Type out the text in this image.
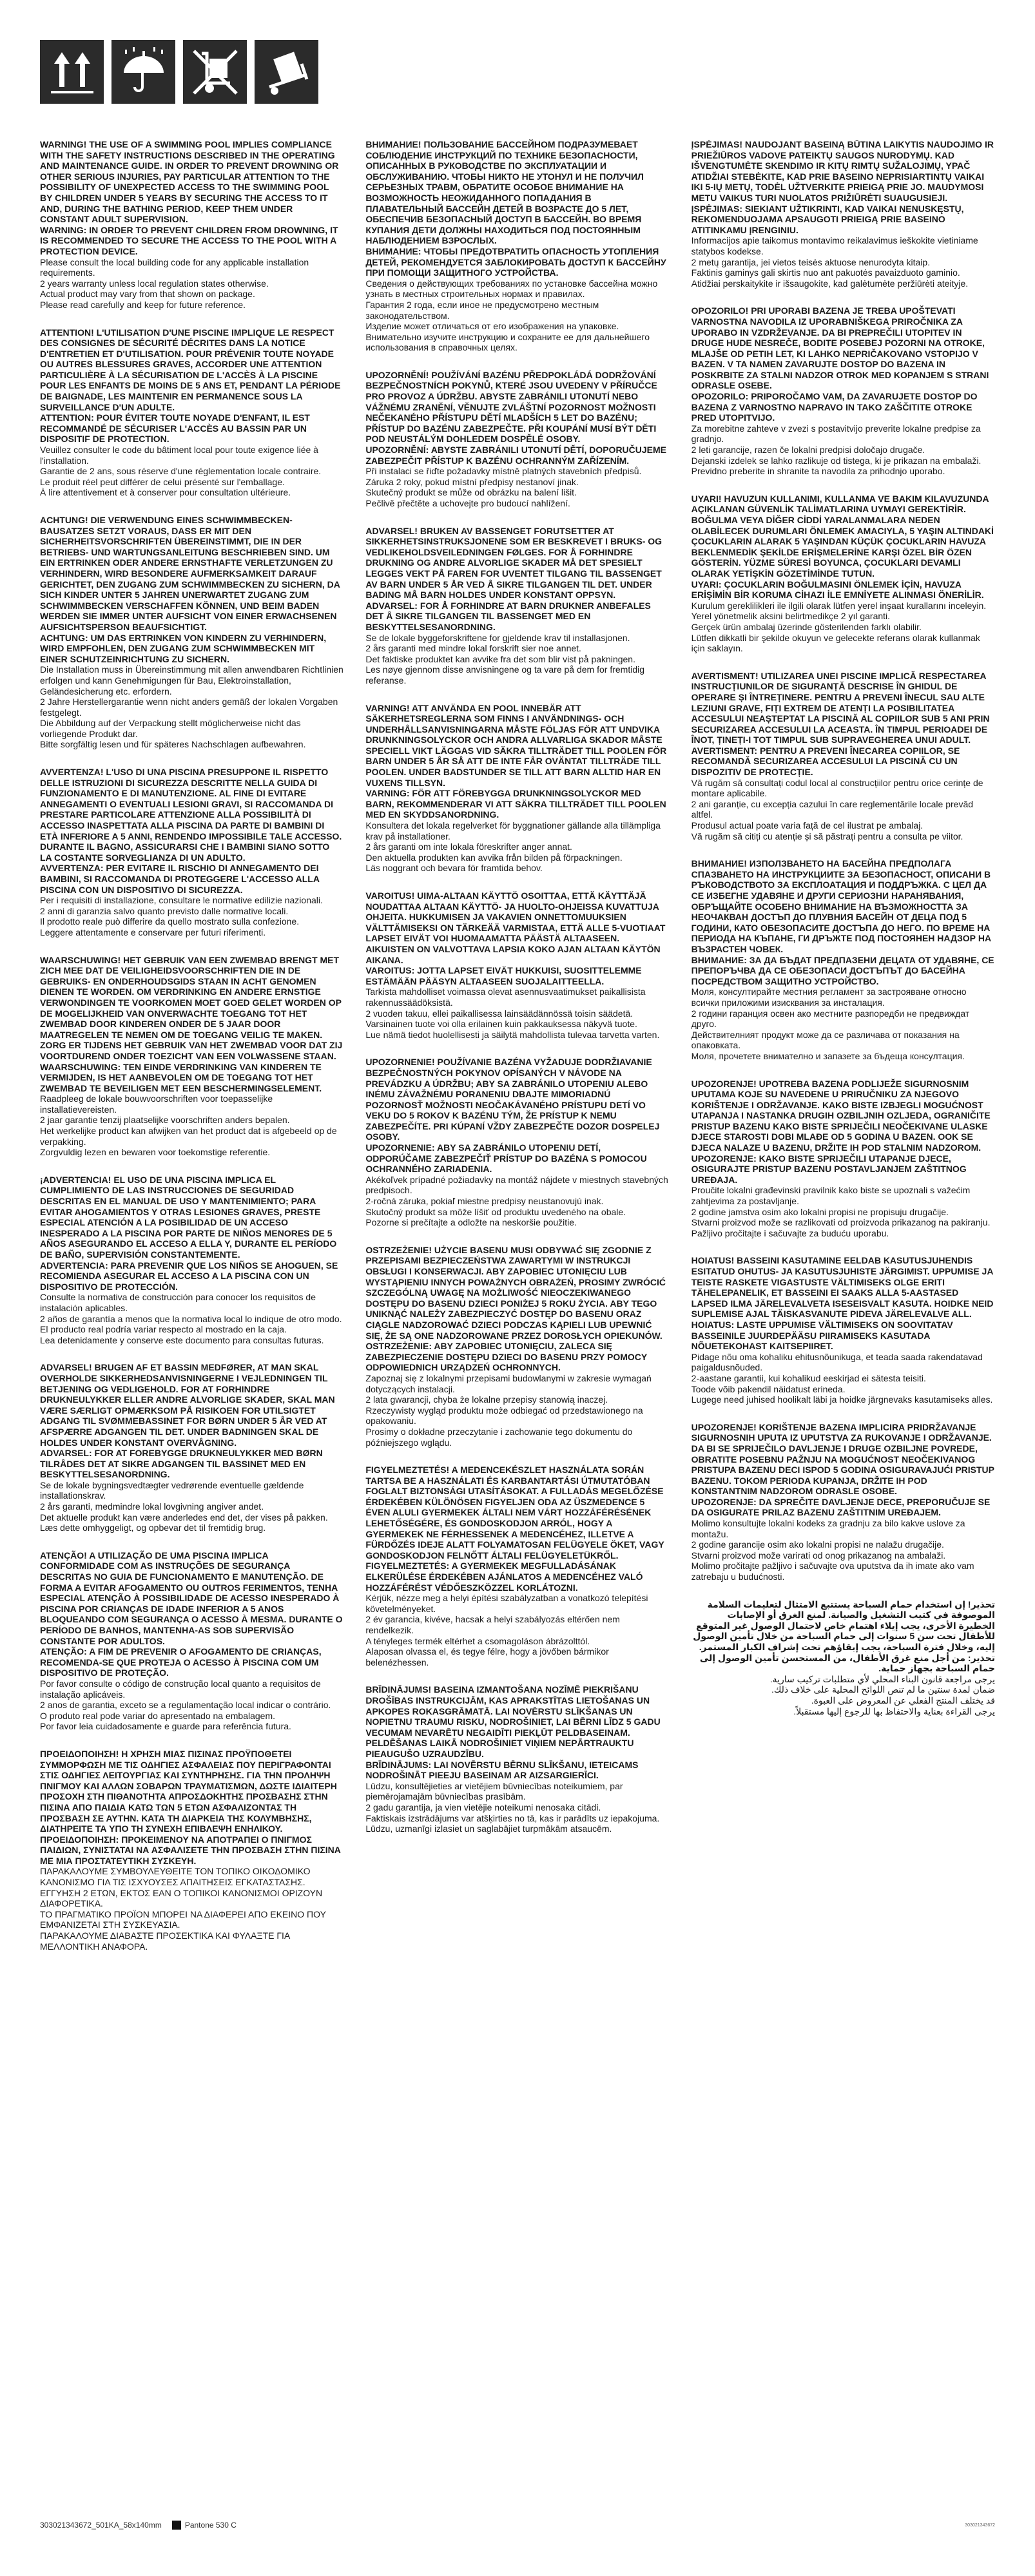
WARNING! THE USE OF A SWIMMING POOL IMPLIES COMPLIANCE WITH THE SAFETY INSTRUCTIONS DESCRIBED IN THE OPERATING AND MAINTENANCE GUIDE. IN ORDER TO PREVENT DROWNING OR OTHER SERIOUS INJURIES, PAY PARTICULAR ATTENTION TO THE POSSIBILITY OF UNEXPECTED ACCESS TO THE SWIMMING POOL BY CHILDREN UNDER 5 YEARS BY SECURING THE ACCESS TO IT AND, DURING THE BATHING PERIOD, KEEP THEM UNDER CONSTANT ADULT SUPERVISION.

WARNING: IN ORDER TO PREVENT CHILDREN FROM DROWNING, IT IS RECOMMENDED TO SECURE THE ACCESS TO THE POOL WITH A PROTECTION DEVICE.

Please consult the local building code for any applicable installation requirements.

2 years warranty unless local regulation states otherwise.

Actual product may vary from that shown on package.

Please read carefully and keep for future reference.

ATTENTION! L'UTILISATION D'UNE PISCINE IMPLIQUE LE RESPECT DES CONSIGNES DE SÉCURITÉ DÉCRITES DANS LA NOTICE D'ENTRETIEN ET D'UTILISATION. POUR PRÉVENIR TOUTE NOYADE OU AUTRES BLESSURES GRAVES, ACCORDER UNE ATTENTION PARTICULIÈRE À LA SÉCURISATION DE L'ACCÈS À LA PISCINE POUR LES ENFANTS DE MOINS DE 5 ANS ET, PENDANT LA PÉRIODE DE BAIGNADE, LES MAINTENIR EN PERMANENCE SOUS LA SURVEILLANCE D'UN ADULTE.

ATTENTION: POUR ÉVITER TOUTE NOYADE D'ENFANT, IL EST RECOMMANDÉ DE SÉCURISER L'ACCÈS AU BASSIN PAR UN DISPOSITIF DE PROTECTION.

Veuillez consulter le code du bâtiment local pour toute exigence liée à l'installation.

Garantie de 2 ans, sous réserve d'une réglementation locale contraire.

Le produit réel peut différer de celui présenté sur l'emballage.

À lire attentivement et à conserver pour consultation ultérieure.

ACHTUNG! DIE VERWENDUNG EINES SCHWIMMBECKEN-BAUSATZES SETZT VORAUS, DASS ER MIT DEN SICHERHEITSVORSCHRIFTEN ÜBEREINSTIMMT, DIE IN DER BETRIEBS- UND WARTUNGSANLEITUNG BESCHRIEBEN SIND. UM EIN ERTRINKEN ODER ANDERE ERNSTHAFTE VERLETZUNGEN ZU VERHINDERN, WIRD BESONDERE AUFMERKSAMKEIT DARAUF GERICHTET, DEN ZUGANG ZUM SCHWIMMBECKEN ZU SICHERN, DA SICH KINDER UNTER 5 JAHREN UNERWARTET ZUGANG ZUM SCHWIMMBECKEN VERSCHAFFEN KÖNNEN, UND BEIM BADEN WERDEN SIE IMMER UNTER AUFSICHT VON EINER ERWACHSENEN AUFSICHTSPERSON BEAUFSICHTIGT.

ACHTUNG: UM DAS ERTRINKEN VON KINDERN ZU VERHINDERN, WIRD EMPFOHLEN, DEN ZUGANG ZUM SCHWIMMBECKEN MIT EINER SCHUTZEINRICHTUNG ZU SICHERN.

Die Installation muss in Übereinstimmung mit allen anwendbaren Richtlinien erfolgen und kann Genehmigungen für Bau, Elektroinstallation, Geländesicherung etc. erfordern.

2 Jahre Herstellergarantie wenn nicht anders gemäß der lokalen Vorgaben festgelegt.

Die Abbildung auf der Verpackung stellt möglicherweise nicht das vorliegende Produkt dar.

Bitte sorgfältig lesen und für späteres Nachschlagen aufbewahren.

AVVERTENZA! L'USO DI UNA PISCINA PRESUPPONE IL RISPETTO DELLE ISTRUZIONI DI SICUREZZA DESCRITTE NELLA GUIDA DI FUNZIONAMENTO E DI MANUTENZIONE. AL FINE DI EVITARE ANNEGAMENTI O EVENTUALI LESIONI GRAVI, SI RACCOMANDA DI PRESTARE PARTICOLARE ATTENZIONE ALLA POSSIBILITÀ DI ACCESSO INASPETTATA ALLA PISCINA DA PARTE DI BAMBINI DI ETÀ INFERIORE A 5 ANNI, RENDENDO IMPOSSIBILE TALE ACCESSO. DURANTE IL BAGNO, ASSICURARSI CHE I BAMBINI SIANO SOTTO LA COSTANTE SORVEGLIANZA DI UN ADULTO.

AVVERTENZA: PER EVITARE IL RISCHIO DI ANNEGAMENTO DEI BAMBINI, SI RACCOMANDA DI PROTEGGERE L'ACCESSO ALLA PISCINA CON UN DISPOSITIVO DI SICUREZZA.

Per i requisiti di installazione, consultare le normative edilizie nazionali.

2 anni di garanzia salvo quanto previsto dalle normative locali.

Il prodotto reale può differire da quello mostrato sulla confezione.

Leggere attentamente e conservare per futuri riferimenti.

WAARSCHUWING! HET GEBRUIK VAN EEN ZWEMBAD BRENGT MET ZICH MEE DAT DE VEILIGHEIDSVOORSCHRIFTEN DIE IN DE GEBRUIKS- EN ONDERHOUDSGIDS STAAN IN ACHT GENOMEN DIENEN TE WORDEN. OM VERDRINKING EN ANDERE ERNSTIGE VERWONDINGEN TE VOORKOMEN MOET GOED GELET WORDEN OP DE MOGELIJKHEID VAN ONVERWACHTE TOEGANG TOT HET ZWEMBAD DOOR KINDEREN ONDER DE 5 JAAR DOOR MAATREGELEN TE NEMEN OM DE TOEGANG VEILIG TE MAKEN. ZORG ER TIJDENS HET GEBRUIK VAN HET ZWEMBAD VOOR DAT ZIJ VOORTDUREND ONDER TOEZICHT VAN EEN VOLWASSENE STAAN.

WAARSCHUWING: TEN EINDE VERDRINKING VAN KINDEREN TE VERMIJDEN, IS HET AANBEVOLEN OM DE TOEGANG TOT HET ZWEMBAD TE BEVEILIGEN MET EEN BESCHERMINGSELEMENT.

Raadpleeg de lokale bouwvoorschriften voor toepasselijke installatievereisten.

2 jaar garantie tenzij plaatselijke voorschriften anders bepalen.

Het werkelijke product kan afwijken van het product dat is afgebeeld op de verpakking.

Zorgvuldig lezen en bewaren voor toekomstige referentie.

¡ADVERTENCIA! EL USO DE UNA PISCINA IMPLICA EL CUMPLIMIENTO DE LAS INSTRUCCIONES DE SEGURIDAD DESCRITAS EN EL MANUAL DE USO Y MANTENIMIENTO; PARA EVITAR AHOGAMIENTOS Y OTRAS LESIONES GRAVES, PRESTE ESPECIAL ATENCIÓN A LA POSIBILIDAD DE UN ACCESO INESPERADO A LA PISCINA POR PARTE DE NIÑOS MENORES DE 5 AÑOS ASEGURANDO EL ACCESO A ELLA Y, DURANTE EL PERÍODO DE BAÑO, SUPERVISIÓN CONSTANTEMENTE.

ADVERTENCIA: PARA PREVENIR QUE LOS NIÑOS SE AHOGUEN, SE RECOMIENDA ASEGURAR EL ACCESO A LA PISCINA CON UN DISPOSITIVO DE PROTECCIÓN.

Consulte la normativa de construcción para conocer los requisitos de instalación aplicables.

2 años de garantía a menos que la normativa local lo indique de otro modo.

El producto real podría variar respecto al mostrado en la caja.

Lea detenidamente y conserve este documento para consultas futuras.

ADVARSEL! BRUGEN AF ET BASSIN MEDFØRER, AT MAN SKAL OVERHOLDE SIKKERHEDSANVISNINGERNE I VEJLEDNINGEN TIL BETJENING OG VEDLIGEHOLD. FOR AT FORHINDRE DRUKNEULYKKER ELLER ANDRE ALVORLIGE SKADER, SKAL MAN VÆRE SÆRLIGT OPMÆRKSOM PÅ RISIKOEN FOR UTILSIGTET ADGANG TIL SVØMMEBASSINET FOR BØRN UNDER 5 ÅR VED AT AFSPÆRRE ADGANGEN TIL DET. UNDER BADNINGEN SKAL DE HOLDES UNDER KONSTANT OVERVÅGNING.

ADVARSEL: FOR AT FOREBYGGE DRUKNEULYKKER MED BØRN TILRÅDES DET AT SIKRE ADGANGEN TIL BASSINET MED EN BESKYTTELSESANORDNING.

Se de lokale bygningsvedtægter vedrørende eventuelle gældende installationskrav.

2 års garanti, medmindre lokal lovgivning angiver andet.

Det aktuelle produkt kan være anderledes end det, der vises på pakken.

Læs dette omhyggeligt, og opbevar det til fremtidig brug.

ATENÇÃO! A UTILIZAÇÃO DE UMA PISCINA IMPLICA CONFORMIDADE COM AS INSTRUÇÕES DE SEGURANÇA DESCRITAS NO GUIA DE FUNCIONAMENTO E MANUTENÇÃO. DE FORMA A EVITAR AFOGAMENTO OU OUTROS FERIMENTOS, TENHA ESPECIAL ATENÇÃO À POSSIBILIDADE DE ACESSO INESPERADO À PISCINA POR CRIANÇAS DE IDADE INFERIOR A 5 ANOS BLOQUEANDO COM SEGURANÇA O ACESSO À MESMA. DURANTE O PERÍODO DE BANHOS, MANTENHA-AS SOB SUPERVISÃO CONSTANTE POR ADULTOS.

ATENÇÃO: A FIM DE PREVENIR O AFOGAMENTO DE CRIANÇAS, RECOMENDA-SE QUE PROTEJA O ACESSO À PISCINA COM UM DISPOSITIVO DE PROTEÇÃO.

Por favor consulte o código de construção local quanto a requisitos de instalação aplicáveis.

2 anos de garantia, exceto se a regulamentação local indicar o contrário.

O produto real pode variar do apresentado na embalagem.

Por favor leia cuidadosamente e guarde para referência futura.

ΠΡΟΕΙΔΟΠΟΙΗΣΗ! Η ΧΡΗΣΗ ΜΙΑΣ ΠΙΣΙΝΑΣ ΠΡΟΫΠΟΘΕΤΕΙ ΣΥΜΜΟΡΦΩΣΗ ΜΕ ΤΙΣ ΟΔΗΓΙΕΣ ΑΣΦΑΛΕΙΑΣ ΠΟΥ ΠΕΡΙΓΡΑΦΟΝΤΑΙ ΣΤΙΣ ΟΔΗΓΙΕΣ ΛΕΙΤΟΥΡΓΙΑΣ ΚΑΙ ΣΥΝΤΗΡΗΣΗΣ. ΓΙΑ ΤΗΝ ΠΡΟΛΗΨΗ ΠΝΙΓΜΟΥ ΚΑΙ ΑΛΛΩΝ ΣΟΒΑΡΩΝ ΤΡΑΥΜΑΤΙΣΜΩΝ, ΔΩΣΤΕ ΙΔΙΑΙΤΕΡΗ ΠΡΟΣΟΧΗ ΣΤΗ ΠΙΘΑΝΟΤΗΤΑ ΑΠΡΟΣΔΟΚΗΤΗΣ ΠΡΟΣΒΑΣΗΣ ΣΤΗΝ ΠΙΣΙΝΑ ΑΠΟ ΠΑΙΔΙΑ ΚΑΤΩ ΤΩΝ 5 ΕΤΩΝ ΑΣΦΑΛΙΖΟΝΤΑΣ ΤΗ ΠΡΟΣΒΑΣΗ ΣΕ ΑΥΤΗΝ. ΚΑΤΑ ΤΗ ΔΙΑΡΚΕΙΑ ΤΗΣ ΚΟΛΥΜΒΗΣΗΣ, ΔΙΑΤΗΡΕΙΤΕ ΤΑ ΥΠΟ ΤΗ ΣΥΝΕΧΗ ΕΠΙΒΛΕΨΗ ΕΝΗΛΙΚΟΥ.

ΠΡΟΕΙΔΟΠΟΙΗΣΗ: ΠΡΟΚΕΙΜΕΝΟΥ ΝΑ ΑΠΟΤΡΑΠΕΙ Ο ΠΝΙΓΜΟΣ ΠΑΙΔΙΩΝ, ΣΥΝΙΣΤΑΤΑΙ ΝΑ ΑΣΦΑΛΙΣΕΤΕ ΤΗΝ ΠΡΟΣΒΑΣΗ ΣΤΗΝ ΠΙΣΙΝΑ ΜΕ ΜΙΑ ΠΡΟΣΤΑΤΕΥΤΙΚΗ ΣΥΣΚΕΥΗ.

ΠΑΡΑΚΑΛΟΥΜΕ ΣΥΜΒΟΥΛΕΥΘΕΙΤΕ ΤΟΝ ΤΟΠΙΚΟ ΟΙΚΟΔΟΜΙΚΟ ΚΑΝΟΝΙΣΜΟ ΓΙΑ ΤΙΣ ΙΣΧΥΟΥΣΕΣ ΑΠΑΙΤΗΣΕΙΣ ΕΓΚΑΤΑΣΤΑΣΗΣ.

ΕΓΓΥΗΣΗ 2 ΕΤΩΝ, ΕΚΤΟΣ ΕΑΝ Ο ΤΟΠΙΚΟΙ ΚΑΝΟΝΙΣΜΟΙ ΟΡΙΖΟΥΝ ΔΙΑΦΟΡΕΤΙΚΑ.

ΤΟ ΠΡΑΓΜΑΤΙΚΟ ΠΡΟΪΟΝ ΜΠΟΡΕΙ ΝΑ ΔΙΑΦΕΡΕΙ ΑΠΟ ΕΚΕΙΝΟ ΠΟΥ ΕΜΦΑΝΙΖΕΤΑΙ ΣΤΗ ΣΥΣΚΕΥΑΣΙΑ.

ΠΑΡΑΚΑΛΟΥΜΕ ΔΙΑΒΑΣΤΕ ΠΡΟΣΕΚΤΙΚΑ ΚΑΙ ΦΥΛΑΞΤΕ ΓΙΑ ΜΕΛΛΟΝΤΙΚΗ ΑΝΑΦΟΡΑ.

ВНИМАНИЕ! ПОЛЬЗОВАНИЕ БАССЕЙНОМ ПОДРАЗУМЕВАЕТ СОБЛЮДЕНИЕ ИНСТРУКЦИЙ ПО ТЕХНИКЕ БЕЗОПАСНОСТИ, ОПИСАННЫХ В РУКОВОДСТВЕ ПО ЭКСПЛУАТАЦИИ И ОБСЛУЖИВАНИЮ. ЧТОБЫ НИКТО НЕ УТОНУЛ И НЕ ПОЛУЧИЛ СЕРЬЕЗНЫХ ТРАВМ, ОБРАТИТЕ ОСОБОЕ ВНИМАНИЕ НА ВОЗМОЖНОСТЬ НЕОЖИДАННОГО ПОПАДАНИЯ В ПЛАВАТЕЛЬНЫЙ БАССЕЙН ДЕТЕЙ В ВОЗРАСТЕ ДО 5 ЛЕТ, ОБЕСПЕЧИВ БЕЗОПАСНЫЙ ДОСТУП В БАССЕЙН. ВО ВРЕМЯ КУПАНИЯ ДЕТИ ДОЛЖНЫ НАХОДИТЬСЯ ПОД ПОСТОЯННЫМ НАБЛЮДЕНИЕМ ВЗРОСЛЫХ.

ВНИМАНИЕ: ЧТОБЫ ПРЕДОТВРАТИТЬ ОПАСНОСТЬ УТОПЛЕНИЯ ДЕТЕЙ, РЕКОМЕНДУЕТСЯ ЗАБЛОКИРОВАТЬ ДОСТУП К БАССЕЙНУ ПРИ ПОМОЩИ ЗАЩИТНОГО УСТРОЙСТВА.

Сведения о действующих требованиях по установке бассейна можно узнать в местных строительных нормах и правилах.

Гарантия 2 года, если иное не предусмотрено местным законодательством.

Изделие может отличаться от его изображения на упаковке.

Внимательно изучите инструкцию и сохраните ее для дальнейшего использования в справочных целях.

UPOZORNĚNÍ! POUŽÍVÁNÍ BAZÉNU PŘEDPOKLÁDÁ DODRŽOVÁNÍ BEZPEČNOSTNÍCH POKYNŮ, KTERÉ JSOU UVEDENY V PŘÍRUČCE PRO PROVOZ A ÚDRŽBU. ABYSTE ZABRÁNILI UTONUTÍ NEBO VÁŽNÉMU ZRANĚNÍ, VĚNUJTE ZVLÁŠTNÍ POZORNOST MOŽNOSTI NEČEKANÉHO PŘÍSTUPU DĚTÍ MLADŠÍCH 5 LET DO BAZÉNU; PŘÍSTUP DO BAZÉNU ZABEZPEČTE. PŘI KOUPÁNÍ MUSÍ BÝT DĚTI POD NEUSTÁLÝM DOHLEDEM DOSPĚLÉ OSOBY.

UPOZORNĚNÍ: ABYSTE ZABRÁNILI UTONUTÍ DĚTÍ, DOPORUČUJEME ZABEZPEČIT PŘÍSTUP K BAZÉNU OCHRANNÝM ZAŘÍZENÍM.

Při instalaci se řiďte požadavky místně platných stavebních předpisů.

Záruka 2 roky, pokud místní předpisy nestanoví jinak.

Skutečný produkt se může od obrázku na balení lišit.

Pečlivě přečtěte a uchovejte pro budoucí nahlížení.

ADVARSEL! BRUKEN AV BASSENGET FORUTSETTER AT SIKKERHETSINSTRUKSJONENE SOM ER BESKREVET I BRUKS- OG VEDLIKEHOLDSVEILEDNINGEN FØLGES. FOR Å FORHINDRE DRUKNING OG ANDRE ALVORLIGE SKADER MÅ DET SPESIELT LEGGES VEKT PÅ FAREN FOR UVENTET TILGANG TIL BASSENGET AV BARN UNDER 5 ÅR VED Å SIKRE TILGANGEN TIL DET. UNDER BADING MÅ BARN HOLDES UNDER KONSTANT OPPSYN.

ADVARSEL: FOR Å FORHINDRE AT BARN DRUKNER ANBEFALES DET Å SIKRE TILGANGEN TIL BASSENGET MED EN BESKYTTELSESANORDNING.

Se de lokale byggeforskriftene for gjeldende krav til installasjonen.

2 års garanti med mindre lokal forskrift sier noe annet.

Det faktiske produktet kan avvike fra det som blir vist på pakningen.

Les nøye gjennom disse anvisningene og ta vare på dem for fremtidig referanse.

VARNING! ATT ANVÄNDA EN POOL INNEBÄR ATT SÄKERHETSREGLERNA SOM FINNS I ANVÄNDNINGS- OCH UNDERHÅLLSANVISNINGARNA MÅSTE FÖLJAS FÖR ATT UNDVIKA DRUNKNINGSOLYCKOR OCH ANDRA ALLVARLIGA SKADOR MÅSTE SPECIELL VIKT LÄGGAS VID SÄKRA TILLTRÄDET TILL POOLEN FÖR BARN UNDER 5 ÅR SÅ ATT DE INTE FÅR OVÄNTAT TILLTRÄDE TILL POOLEN. UNDER BADSTUNDER SE TILL ATT BARN ALLTID HAR EN VUXENS TILLSYN.

VARNING: FÖR ATT FÖREBYGGA DRUNKNINGSOLYCKOR MED BARN, REKOMMENDERAR VI ATT SÄKRA TILLTRÄDET TILL POOLEN MED EN SKYDDSANORDNING.

Konsultera det lokala regelverket för byggnationer gällande alla tillämpliga krav på installationer.

2 års garanti om inte lokala föreskrifter anger annat.

Den aktuella produkten kan avvika från bilden på förpackningen.

Läs noggrant och bevara för framtida behov.

VAROITUS! UIMA-ALTAAN KÄYTTÖ OSOITTAA, ETTÄ KÄYTTÄJÄ NOUDATTAA ALTAAN KÄYTTÖ- JA HUOLTO-OHJEISSA KUVATTUJA OHJEITA. HUKKUMISEN JA VAKAVIEN ONNETTOMUUKSIEN VÄLTTÄMISEKSI ON TÄRKEÄÄ VARMISTAA, ETTÄ ALLE 5-VUOTIAAT LAPSET EIVÄT VOI HUOMAAMATTA PÄÄSTÄ ALTAASEEN. AIKUISTEN ON VALVOTTAVA LAPSIA KOKO AJAN ALTAAN KÄYTÖN AIKANA.

VAROITUS: JOTTA LAPSET EIVÄT HUKKUISI, SUOSITTELEMME ESTÄMÄÄN PÄÄSYN ALTAASEEN SUOJALAITTEELLA.

Tarkista mahdolliset voimassa olevat asennusvaatimukset paikallisista rakennussäädöksistä.

2 vuoden takuu, ellei paikallisessa lainsäädännössä toisin säädetä.

Varsinainen tuote voi olla erilainen kuin pakkauksessa näkyvä tuote.

Lue nämä tiedot huolellisesti ja säilytä mahdollista tulevaa tarvetta varten.

UPOZORNENIE! POUŽÍVANIE BAZÉNA VYŽADUJE DODRŽIAVANIE BEZPEČNOSTNÝCH POKYNOV OPÍSANÝCH V NÁVODE NA PREVÁDZKU A ÚDRŽBU; ABY SA ZABRÁNILO UTOPENIU ALEBO INÉMU ZÁVAŽNÉMU PORANENIU DBAJTE MIMORIADNÚ POZORNOSŤ MOŽNOSTI NEOČAKÁVANÉHO PRÍSTUPU DETÍ VO VEKU DO 5 ROKOV K BAZÉNU TÝM, ŽE PRÍSTUP K NEMU ZABEZPEČÍTE. PRI KÚPANÍ VŽDY ZABEZPEČTE DOZOR DOSPELEJ OSOBY.

UPOZORNENIE: ABY SA ZABRÁNILO UTOPENIU DETÍ, ODPORÚČAME ZABEZPEČIŤ PRÍSTUP DO BAZÉNA S POMOCOU OCHRANNÉHO ZARIADENIA.

Akékoľvek prípadné požiadavky na montáž nájdete v miestnych stavebných predpisoch.

2-ročná záruka, pokiaľ miestne predpisy neustanovujú inak.

Skutočný produkt sa môže líšiť od produktu uvedeného na obale.

Pozorne si prečítajte a odložte na neskoršie použitie.

OSTRZEŻENIE! UŻYCIE BASENU MUSI ODBYWAĆ SIĘ ZGODNIE Z PRZEPISAMI BEZPIECZEŃSTWA ZAWARTYMI W INSTRUKCJI OBSŁUGI I KONSERWACJI. ABY ZAPOBIEC UTONIĘCIU LUB WYSTĄPIENIU INNYCH POWAŻNYCH OBRAŻEŃ, PROSIMY ZWRÓCIĆ SZCZEGÓLNĄ UWAGĘ NA MOŻLIWOŚĆ NIEOCZEKIWANEGO DOSTĘPU DO BASENU DZIECI PONIŻEJ 5 ROKU ŻYCIA. ABY TEGO UNIKNĄĆ NALEŻY ZABEZPIECZYĆ DOSTĘP DO BASENU ORAZ CIĄGLE NADZOROWAĆ DZIECI PODCZAS KĄPIELI LUB UPEWNIĆ SIĘ, ŻE SĄ ONE NADZOROWANE PRZEZ DOROSŁYCH OPIEKUNÓW.

OSTRZEŻENIE: ABY ZAPOBIEC UTONIĘCIU, ZALECA SIĘ ZABEZPIECZENIE DOSTĘPU DZIECI DO BASENU PRZY POMOCY ODPOWIEDNICH URZĄDZEŃ OCHRONNYCH.

Zapoznaj się z lokalnymi przepisami budowlanymi w zakresie wymagań dotyczących instalacji.

2 lata gwarancji, chyba że lokalne przepisy stanowią inaczej.

Rzeczywisty wygląd produktu może odbiegać od przedstawionego na opakowaniu.

Prosimy o dokładne przeczytanie i zachowanie tego dokumentu do późniejszego wglądu.

FIGYELMEZTETÉS! A MEDENCEKÉSZLET HASZNÁLATA SORÁN TARTSA BE A HASZNÁLATI ÉS KARBANTARTÁSI ÚTMUTATÓBAN FOGLALT BIZTONSÁGI UTASÍTÁSOKAT. A FULLADÁS MEGELŐZÉSE ÉRDEKÉBEN KÜLÖNÖSEN FIGYELJEN ODA AZ ÜSZMEDENCE 5 ÉVEN ALULI GYERMEKEK ÁLTALI NEM VÁRT HOZZÁFÉRÉSÉNEK LEHETŐSÉGÉRE, ÉS GONDOSKODJON ARRÓL, HOGY A GYERMEKEK NE FÉRHESSENEK A MEDENCÉHEZ, ILLETVE A FÜRDŐZÉS IDEJE ALATT FOLYAMATOSAN FELÜGYELE ÖKET, VAGY GONDOSKODJON FELNŐTT ÁLTALI FELÜGYELETÜKRŐL.

FIGYELMEZTETÉS: A GYERMEKEK MEGFULLADÁSÁNAK ELKERÜLÉSE ÉRDEKÉBEN AJÁNLATOS A MEDENCÉHEZ VALÓ HOZZÁFÉRÉST VÉDŐESZKÖZZEL KORLÁTOZNI.

Kérjük, nézze meg a helyi építési szabályzatban a vonatkozó telepítési követelményeket.

2 év garancia, kivéve, hacsak a helyi szabályozás eltérően nem rendelkezik.

A tényleges termék eltérhet a csomagoláson ábrázolttól.

Alaposan olvassa el, és tegye félre, hogy a jövőben bármikor belenézhessen.

BRĪDINĀJUMS! BASEINA IZMANTOŠANA NOZĪMĒ PIEKRIŠANU DROŠĪBAS INSTRUKCIJĀM, KAS APRAKSTĪTAS LIETOŠANAS UN APKOPES ROKASGRĀMATĀ. LAI NOVĒRSTU SLĪKŠANAS UN NOPIETNU TRAUMU RISKU, NODROŠINIET, LAI BĒRNI LĪDZ 5 GADU VECUMAM NEVARĒTU NEGAIDĪTI PIEKĻŪT PELDBASEINAM. PELDĒŠANAS LAIKĀ NODROŠINIET VIŅIEM NEPĀRTRAUKTU PIEAUGUŠO UZRAUDZĪBU.

BRĪDINĀJUMS: LAI NOVĒRSTU BĒRNU SLĪKŠANU, IETEICAMS NODROŠINĀT PIEEJU BASEINAM AR AIZSARGIERĪCI.

Lūdzu, konsultējieties ar vietējiem būvniecības noteikumiem, par piemērojamajām būvniecības prasībām.

2 gadu garantija, ja vien vietējie noteikumi nenosaka citādi.

Faktiskais izstrādājums var atšķirties no tā, kas ir parādīts uz iepakojuma.

Lūdzu, uzmanīgi izlasiet un saglabājiet turpmākām atsaucēm.

ĮSPĖJIMAS! NAUDOJANT BASEINĄ BŪTINA LAIKYTIS NAUDOJIMO IR PRIEŽIŪROS VADOVE PATEIKTŲ SAUGOS NURODYMŲ. KAD IŠVENGTUMĖTE SKENDIMO IR KITŲ RIMTŲ SUŽALOJIMŲ, YPAČ ATIDŽIAI STEBĖKITE, KAD PRIE BASEINO NEPRISIARTINTŲ VAIKAI IKI 5-IŲ METŲ, TODĖL UŽTVERKITE PRIEIGĄ PRIE JO. MAUDYMOSI METU VAIKUS TURI NUOLATOS PRIŽIŪRĖTI SUAUGUSIEJI.

ĮSPĖJIMAS: SIEKIANT UŽTIKRINTI, KAD VAIKAI NENUSKĘSTŲ, REKOMENDUOJAMA APSAUGOTI PRIEIGĄ PRIE BASEINO ATITINKAMU ĮRENGINIU.

Informacijos apie taikomus montavimo reikalavimus ieškokite vietiniame statybos kodekse.

2 metų garantija, jei vietos teisės aktuose nenurodyta kitaip.

Faktinis gaminys gali skirtis nuo ant pakuotės pavaizduoto gaminio.

Atidžiai perskaitykite ir išsaugokite, kad galėtumėte peržiūrėti ateityje.

OPOZORILO! PRI UPORABI BAZENA JE TREBA UPOŠTEVATI VARNOSTNA NAVODILA IZ UPORABNIŠKEGA PRIROČNIKA ZA UPORABO IN VZDRŽEVANJE. DA BI PREPREČILI UTOPITEV IN DRUGE HUDE NESREČE, BODITE POSEBEJ POZORNI NA OTROKE, MLAJŠE OD PETIH LET, KI LAHKO NEPRIČAKOVANO VSTOPIJO V BAZEN. V TA NAMEN ZAVARUJTE DOSTOP DO BAZENA IN POSKRBITE ZA STALNI NADZOR OTROK MED KOPANJEM S STRANI ODRASLE OSEBE.

OPOZORILO: PRIPOROČAMO VAM, DA ZAVARUJETE DOSTOP DO BAZENA Z VARNOSTNO NAPRAVO IN TAKO ZAŠČITITE OTROKE PRED UTOPITVIJO.

Za morebitne zahteve v zvezi s postavitvijo preverite lokalne predpise za gradnjo.

2 leti garancije, razen če lokalni predpisi določajo drugače.

Dejanski izdelek se lahko razlikuje od tistega, ki je prikazan na embalaži.

Previdno preberite in shranite ta navodila za prihodnjo uporabo.

UYARI! HAVUZUN KULLANIMI, KULLANMA VE BAKIM KILAVUZUNDA AÇIKLANAN GÜVENLİK TALİMATLARINA UYMAYI GEREKTİRİR. BOĞULMA VEYA DİĞER CİDDİ YARALANMALARA NEDEN OLABİLECEK DURUMLARI ÖNLEMEK AMACIYLA, 5 YAŞIN ALTINDAKİ ÇOCUKLARIN ALARAK 5 YAŞINDAN KÜÇÜK ÇOCUKLARIN HAVUZA BEKLENMEDİK ŞEKİLDE ERİŞMELERİNE KARŞI ÖZEL BİR ÖZEN GÖSTERİN. YÜZME SÜRESİ BOYUNCA, ÇOCUKLARI DEVAMLI OLARAK YETİŞKİN GÖZETİMİNDE TUTUN.

UYARI: ÇOCUKLARIN BOĞULMASINI ÖNLEMEK İÇİN, HAVUZA ERİŞİMİN BİR KORUMA CİHAZI İLE EMNİYETE ALINMASI ÖNERİLİR.

Kurulum gereklilikleri ile ilgili olarak lütfen yerel inşaat kurallarını inceleyin.

Yerel yönetmelik aksini belirtmedikçe 2 yıl garanti.

Gerçek ürün ambalaj üzerinde gösterilenden farklı olabilir.

Lütfen dikkatli bir şekilde okuyun ve gelecekte referans olarak kullanmak için saklayın.

AVERTISMENT! UTILIZAREA UNEI PISCINE IMPLICĂ RESPECTAREA INSTRUCȚIUNILOR DE SIGURANȚĂ DESCRISE ÎN GHIDUL DE OPERARE ȘI ÎNTREȚINERE. PENTRU A PREVENI ÎNECUL SAU ALTE LEZIUNI GRAVE, FIȚI EXTREM DE ATENȚI LA POSIBILITATEA ACCESULUI NEAȘTEPTAT LA PISCINĂ AL COPIILOR SUB 5 ANI PRIN SECURIZAREA ACCESULUI LA ACEASTA. ÎN TIMPUL PERIOADEI DE ÎNOT, ȚINEȚI-I TOT TIMPUL SUB SUPRAVEGHEREA UNUI ADULT.

AVERTISMENT: PENTRU A PREVENI ÎNECAREA COPIILOR, SE RECOMANDĂ SECURIZAREA ACCESULUI LA PISCINĂ CU UN DISPOZITIV DE PROTECȚIE.

Vă rugăm să consultați codul local al construcțiilor pentru orice cerințe de montare aplicabile.

2 ani garanție, cu excepția cazului în care reglementările locale prevăd altfel.

Produsul actual poate varia față de cel ilustrat pe ambalaj.

Vă rugăm să citiți cu atenție și să păstrați pentru a consulta pe viitor.

ВНИМАНИЕ! ИЗПОЛЗВАНЕТО НА БАСЕЙНА ПРЕДПОЛАГА СПАЗВАНЕТО НА ИНСТРУКЦИИТЕ ЗА БЕЗОПАСНОСТ, ОПИСАНИ В РЪКОВОДСТВОТО ЗА ЕКСПЛОАТАЦИЯ И ПОДДРЪЖКА. С ЦЕЛ ДА СЕ ИЗБЕГНЕ УДАВЯНЕ И ДРУГИ СЕРИОЗНИ НАРАНЯВАНИЯ, ОБРЪЩАЙТЕ ОСОБЕНО ВНИМАНИЕ НА ВЪЗМОЖНОСТТА ЗА НЕОЧАКВАН ДОСТЪП ДО ПЛУВНИЯ БАСЕЙН ОТ ДЕЦА ПОД 5 ГОДИНИ, КАТО ОБЕЗОПАСИТЕ ДОСТЪПА ДО НЕГО. ПО ВРЕМЕ НА ПЕРИОДА НА КЪПАНЕ, ГИ ДРЪЖТЕ ПОД ПОСТОЯНЕН НАДЗОР НА ВЪЗРАСТЕН ЧОВЕК.

ВНИМАНИЕ: ЗА ДА БЪДАТ ПРЕДПАЗЕНИ ДЕЦАТА ОТ УДАВЯНЕ, СЕ ПРЕПОРЪЧВА ДА СЕ ОБЕЗОПАСИ ДОСТЪПЪТ ДО БАСЕЙНА ПОСРЕДСТВОМ ЗАЩИТНО УСТРОЙСТВО.

Моля, консултирайте местния регламент за застрояване относно всички приложими изисквания за инсталация.

2 години гаранция освен ако местните разпоредби не предвиждат друго.

Действителният продукт може да се различава от показания на опаковката.

Моля, прочетете внимателно и запазете за бъдеща консултация.

UPOZORENJE! UPOTREBA BAZENA PODLIJEŽE SIGURNOSNIM UPUTAMA KOJE SU NAVEDENE U PRIRUČNIKU ZA NJEGOVO KORIŠTENJE I ODRŽAVANJE. KAKO BISTE IZBJEGLI MOGUĆNOST UTAPANJA I NASTANKA DRUGIH OZBILJNIH OZLJEDA, OGRANIČITE PRISTUP BAZENU KAKO BISTE SPRIJEČILI NEOČEKIVANE ULASKE DJECE STAROSTI DOBI MLAĐE OD 5 GODINA U BAZEN. OOK SE DJECA NALAZE U BAZENU, DRŽITE IH POD STALNIM NADZOROM.

UPOZORENJE: KAKO BISTE SPRIJEČILI UTAPANJE DJECE, OSIGURAJTE PRISTUP BAZENU POSTAVLJANJEM ZAŠTITNOG UREĐAJA.

Proučite lokalni građevinski pravilnik kako biste se upoznali s važećim zahtjevima za postavljanje.

2 godine jamstva osim ako lokalni propisi ne propisuju drugačije.

Stvarni proizvod može se razlikovati od proizvoda prikazanog na pakiranju.

Pažljivo pročitajte i sačuvajte za buduću uporabu.

HOIATUS! BASSEINI KASUTAMINE EELDAB KASUTUSJUHENDIS ESITATUD OHUTUS- JA KASUTUSJUHISTE JÄRGIMIST. UPPUMISE JA TEISTE RASKETE VIGASTUSTE VÄLTIMISEKS OLGE ERITI TÄHELEPANELIK, ET BASSEINI EI SAAKS ALLA 5-AASTASED LAPSED ILMA JÄRELEVALVETA ISESEISVALT KASUTA. HOIDKE NEID SUPLEMISE AJAL TÄISKASVANUTE PIDEVA JÄRELEVALVE ALL.

HOIATUS: LASTE UPPUMISE VÄLTIMISEKS ON SOOVITATAV BASSEINILE JUURDEPÄÄSU PIIRAMISEKS KASUTADA NÕUETEKOHAST KAITSEPIIRET.

Pidage nõu oma kohaliku ehitusnõunikuga, et teada saada rakendatavad paigaldusnõuded.

2-aastane garantii, kui kohalikud eeskirjad ei sätesta teisiti.

Toode võib pakendil näidatust erineda.

Lugege need juhised hoolikalt läbi ja hoidke järgnevaks kasutamiseks alles.

UPOZORENJE! KORIŠTENJE BAZENA IMPLICIRA PRIDRŽAVANJE SIGURNOSNIH UPUTA IZ UPUTSTVA ZA RUKOVANJE I ODRŽAVANJE. DA BI SE SPRIJEČILO DAVLJENJE I DRUGE OZBILJNE POVREDE, OBRATITE POSEBNU PAŽNJU NA MOGUĆNOST NEOČEKIVANOG PRISTUPA BAZENU DECI ISPOD 5 GODINA OSIGURAVAJUĆI PRISTUP BAZENU. TOKOM PERIODA KUPANJA, DRŽITE IH POD KONSTANTNIM NADZOROM ODRASLE OSOBE.

UPOZORENJE: DA SPREČITE DAVLJENJE DECE, PREPORUČUJE SE DA OSIGURATE PRILAZ BAZENU ZAŠTITNIM UREĐAJEM.

Molimo konsultujte lokalni kodeks za gradnju za bilo kakve uslove za montažu.

2 godine garancije osim ako lokalni propisi ne nalažu drugačije.

Stvarni proizvod može varirati od onog prikazanog na ambalaži.

Molimo pročitajte pažljivo i sačuvajte ova uputstva da ih imate ako vam zatrebaju u budućnosti.

تحذير! إن استخدام حمام السباحة يستتبع الامتثال لتعليمات السلامة الموصوفة في كتيب التشغيل والصيانة. لمنع الغرق أو الإصابات الخطيرة الأخرى، يجب إيلاء اهتمام خاص لاحتمال الوصول غير المتوقع للأطفال تحت سن 5 سنوات إلى حمام السباحة من خلال تأمين الوصول إليه، وخلال فترة السباحة، يجب إبقاؤهم تحت إشراف الكبار المستمر.

تحذير: من أجل منع غرق الأطفال، من المستحسن تأمين الوصول إلى حمام السباحة بجهاز حماية.

يرجى مراجعة قانون البناء المحلي لأي متطلبات تركيب سارية.

ضمان لمدة سنتين ما لم تنص اللوائح المحلية على خلاف ذلك.

قد يختلف المنتج الفعلي عن المعروض على العبوة.

يرجى القراءة بعناية والاحتفاظ بها للرجوع إليها مستقبلاً.

303021343672_501KA_58x140mm	Pantone 530 C	303021343672
